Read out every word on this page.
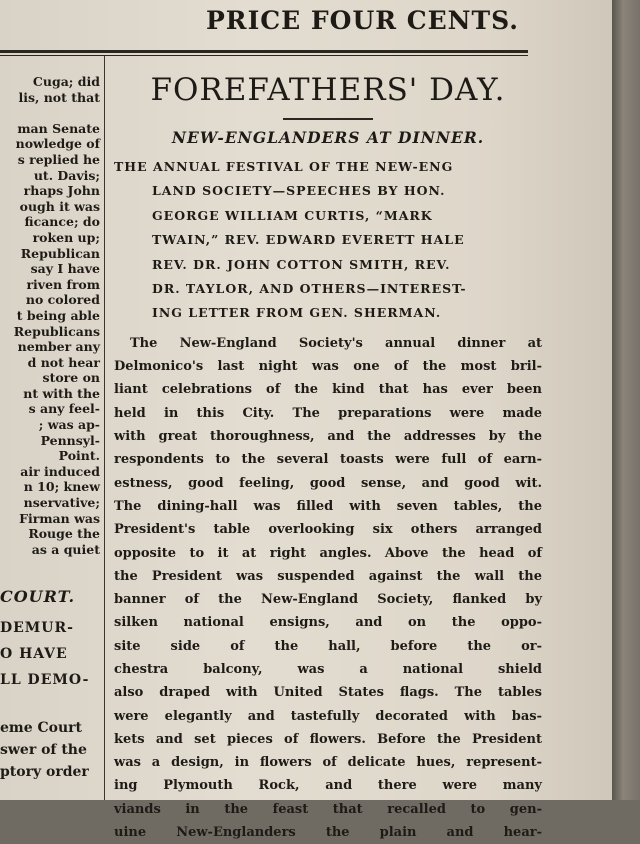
PRICE FOUR CENTS.
Cuga; did
lis, not that

man Senate
nowledge of
s replied he
ut. Davis;
rhaps John
ough it was
ficance; do
roken up;
Republican
say I have
riven from
no colored
t being able
Republicans
nember any
d not hear
store on
nt with the
s any feel-
; was ap-
Pennsyl-
Point.
air induced
n 10; knew
nservative;
Firman was
Rouge the
as a quiet
COURT.
DEMUR-
O HAVE
LL DEMO-
eme Court
swer of the
ptory order
FOREFATHERS' DAY.
NEW-ENGLANDERS AT DINNER.
THE ANNUAL FESTIVAL OF THE NEW-ENG
LAND SOCIETY—SPEECHES BY HON.
GEORGE WILLIAM CURTIS, “MARK
TWAIN,” REV. EDWARD EVERETT HALE
REV. DR. JOHN COTTON SMITH, REV.
DR. TAYLOR, AND OTHERS—INTEREST-
ING LETTER FROM GEN. SHERMAN.
The New-England Society's annual dinner at
Delmonico's last night was one of the most bril-
liant celebrations of the kind that has ever been
held in this City. The preparations were made
with great thoroughness, and the addresses by the
respondents to the several toasts were full of earn-
estness, good feeling, good sense, and good wit.
The dining-hall was filled with seven tables, the
President's table overlooking six others arranged
opposite to it at right angles. Above the head of
the President was suspended against the wall the
banner of the New-England Society, flanked by
silken national ensigns, and on the oppo-
site side of the hall, before the or-
chestra balcony, was a national shield
also draped with United States flags. The tables
were elegantly and tastefully decorated with bas-
kets and set pieces of flowers. Before the President
was a design, in flowers of delicate hues, represent-
ing Plymouth Rock, and there were many
viands in the feast that recalled to gen-
uine New-Englanders the plain and hear-
